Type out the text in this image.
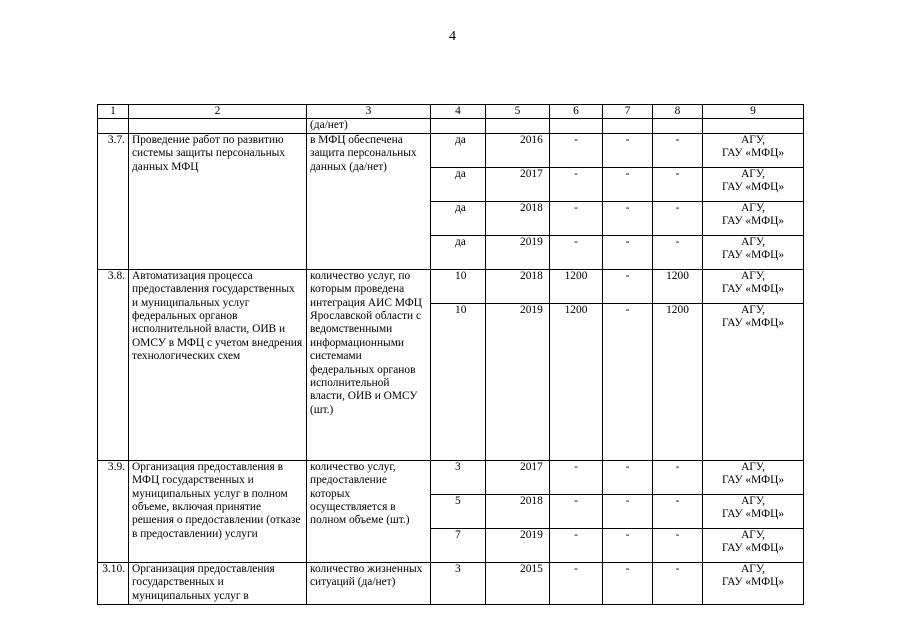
4
1	2	3	4	5	6	7	8	9
		(да/нет)						
3.7.	Проведение работ по развитию системы защиты персональных данных МФЦ	в МФЦ обеспечена защита персональных данных (да/нет)	да	2016	-	-	-	АГУ,
ГАУ «МФЦ»
			да	2017	-	-	-	АГУ,
ГАУ «МФЦ»
			да	2018	-	-	-	АГУ,
ГАУ «МФЦ»
			да	2019	-	-	-	АГУ,
ГАУ «МФЦ»
3.8.	Автоматизация процесса предоставления государственных и муниципальных услуг федеральных органов исполнительной власти, ОИВ и ОМСУ в МФЦ с учетом внедрения технологических схем	количество услуг, по которым проведена интеграция АИС МФЦ Ярославской области с ведомственными информационными системами федеральных органов исполнительной власти, ОИВ и ОМСУ (шт.)	10	2018	1200	-	1200	АГУ,
ГАУ «МФЦ»
			10	2019	1200	-	1200	АГУ,
ГАУ «МФЦ»
3.9.	Организация предоставления в МФЦ государственных и муниципальных услуг в полном объеме, включая принятие решения о предоставлении (отказе в предоставлении) услуги	количество услуг, предоставление которых осуществляется в полном объеме (шт.)	3	2017	-	-	-	АГУ,
ГАУ «МФЦ»
			5	2018	-	-	-	АГУ,
ГАУ «МФЦ»
			7	2019	-	-	-	АГУ,
ГАУ «МФЦ»
3.10.	Организация предоставления государственных и муниципальных услуг в	количество жизненных ситуаций (да/нет)	3	2015	-	-	-	АГУ,
ГАУ «МФЦ»
